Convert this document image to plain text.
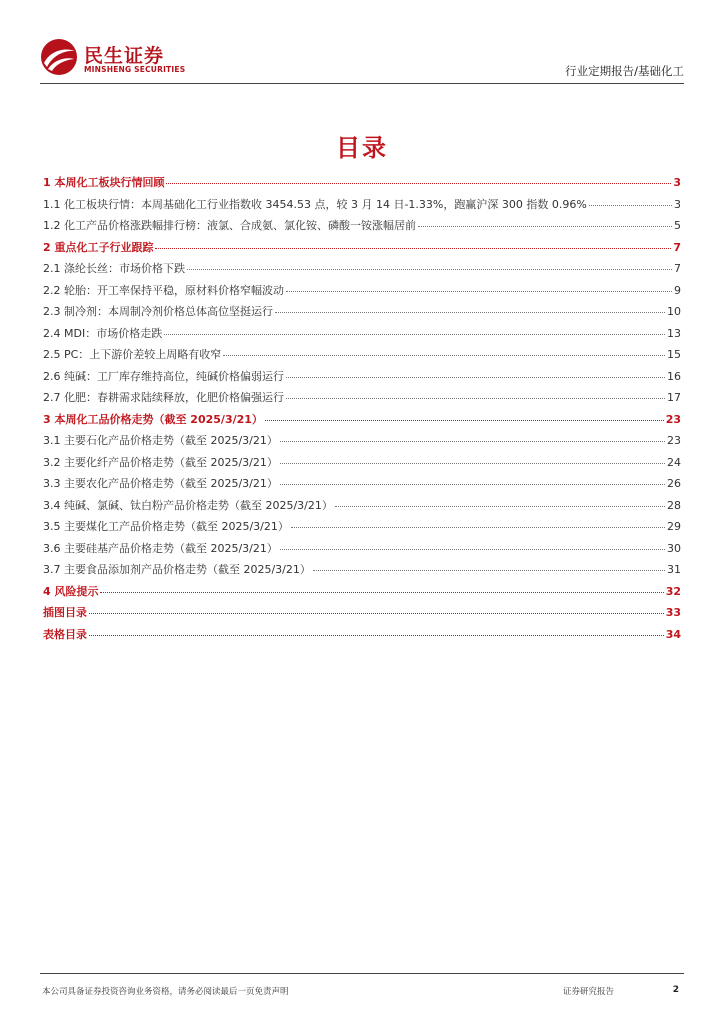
民生证券
MINSHENG SECURITIES	行业定期报告/基础化工
目录
1 本周化工板块行情回顾	3
1.1 化工板块行情：本周基础化工行业指数收 3454.53 点，较 3 月 14 日-1.33%，跑赢沪深 300 指数 0.96%	3
1.2 化工产品价格涨跌幅排行榜：液氯、合成氨、氯化铵、磷酸一铵涨幅居前	5
2 重点化工子行业跟踪	7
2.1 涤纶长丝：市场价格下跌	7
2.2 轮胎：开工率保持平稳，原材料价格窄幅波动	9
2.3 制冷剂：本周制冷剂价格总体高位坚挺运行	10
2.4 MDI：市场价格走跌	13
2.5 PC：上下游价差较上周略有收窄	15
2.6 纯碱：工厂库存维持高位，纯碱价格偏弱运行	16
2.7 化肥：春耕需求陆续释放，化肥价格偏强运行	17
3 本周化工品价格走势（截至 2025/3/21）	23
3.1 主要石化产品价格走势（截至 2025/3/21）	23
3.2 主要化纤产品价格走势（截至 2025/3/21）	24
3.3 主要农化产品价格走势（截至 2025/3/21）	26
3.4 纯碱、氯碱、钛白粉产品价格走势（截至 2025/3/21）	28
3.5 主要煤化工产品价格走势（截至 2025/3/21）	29
3.6 主要硅基产品价格走势（截至 2025/3/21）	30
3.7 主要食品添加剂产品价格走势（截至 2025/3/21）	31
4 风险提示	32
插图目录	33
表格目录	34
本公司具备证券投资咨询业务资格，请务必阅读最后一页免责声明	证券研究报告	2
